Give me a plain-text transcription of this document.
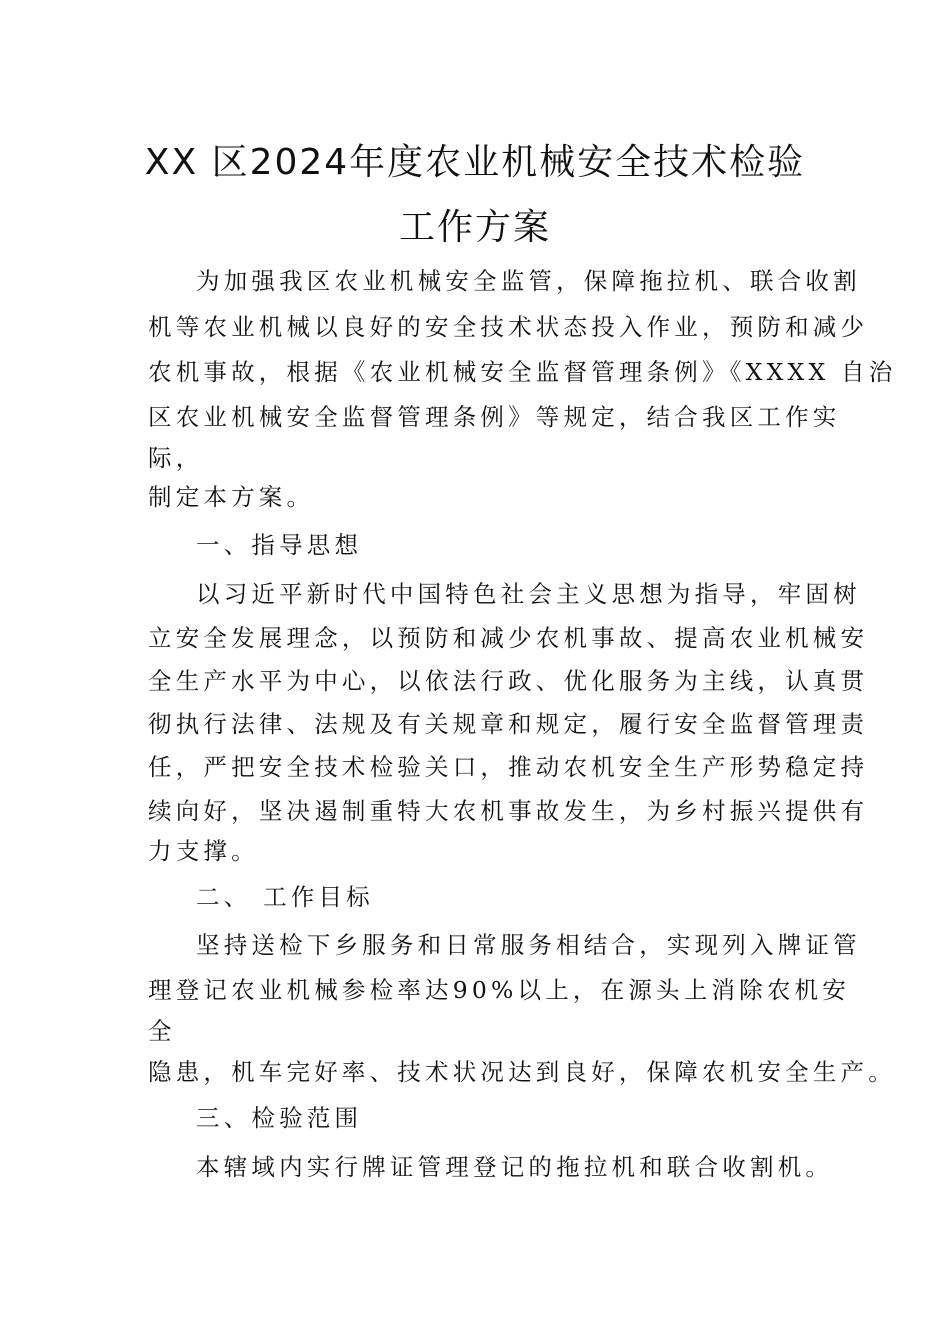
XX 区2024年度农业机械安全技术检验
工作方案
为加强我区农业机械安全监管，保障拖拉机、联合收割
机等农业机械以良好的安全技术状态投入作业，预防和减少
农机事故，根据《农业机械安全监督管理条例》《XXXX 自治
区农业机械安全监督管理条例》等规定，结合我区工作实
际，
制定本方案。
一、指导思想
以习近平新时代中国特色社会主义思想为指导，牢固树
立安全发展理念，以预防和减少农机事故、提高农业机械安
全生产水平为中心，以依法行政、优化服务为主线，认真贯
彻执行法律、法规及有关规章和规定，履行安全监督管理责
任，严把安全技术检验关口，推动农机安全生产形势稳定持
续向好，坚决遏制重特大农机事故发生，为乡村振兴提供有
力支撑。
二、 工作目标
坚持送检下乡服务和日常服务相结合，实现列入牌证管
理登记农业机械参检率达90%以上，在源头上消除农机安
全
隐患，机车完好率、技术状况达到良好，保障农机安全生产。
三、检验范围
本辖域内实行牌证管理登记的拖拉机和联合收割机。
